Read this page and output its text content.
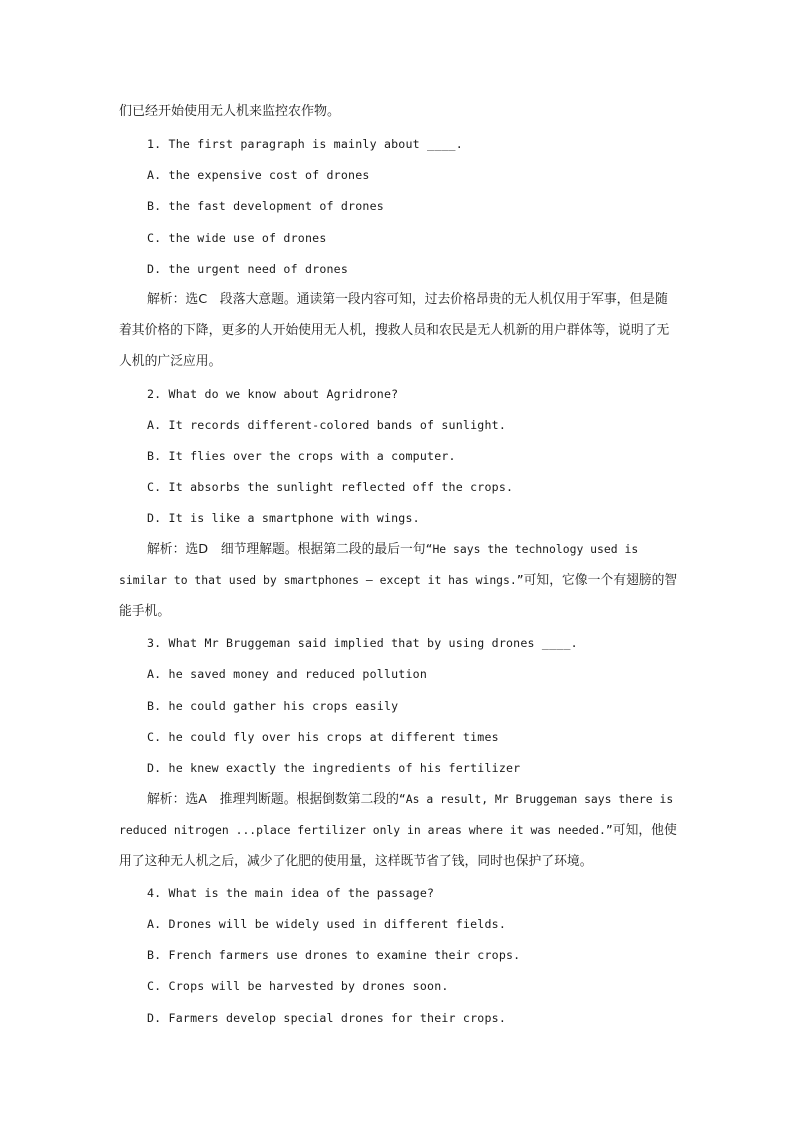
们已经开始使用无人机来监控农作物。
1. The first paragraph is mainly about ____.
A. the expensive cost of drones
B. the fast development of drones
C. the wide use of drones
D. the urgent need of drones
解析：选C　段落大意题。通读第一段内容可知，过去价格昂贵的无人机仅用于军事，但是随着其价格的下降，更多的人开始使用无人机，搜救人员和农民是无人机新的用户群体等，说明了无人机的广泛应用。
2. What do we know about Agridrone?
A. It records different-colored bands of sunlight.
B. It flies over the crops with a computer.
C. It absorbs the sunlight reflected off the crops.
D. It is like a smartphone with wings.
解析：选D　细节理解题。根据第二段的最后一句“He says the technology used is similar to that used by smartphones — except it has wings.”可知，它像一个有翅膀的智能手机。
3. What Mr Bruggeman said implied that by using drones ____.
A. he saved money and reduced pollution
B. he could gather his crops easily
C. he could fly over his crops at different times
D. he knew exactly the ingredients of his fertilizer
解析：选A　推理判断题。根据倒数第二段的“As a result, Mr Bruggeman says there is reduced nitrogen ...place fertilizer only in areas where it was needed.”可知，他使用了这种无人机之后，减少了化肥的使用量，这样既节省了钱，同时也保护了环境。
4. What is the main idea of the passage?
A. Drones will be widely used in different fields.
B. French farmers use drones to examine their crops.
C. Crops will be harvested by drones soon.
D. Farmers develop special drones for their crops.
